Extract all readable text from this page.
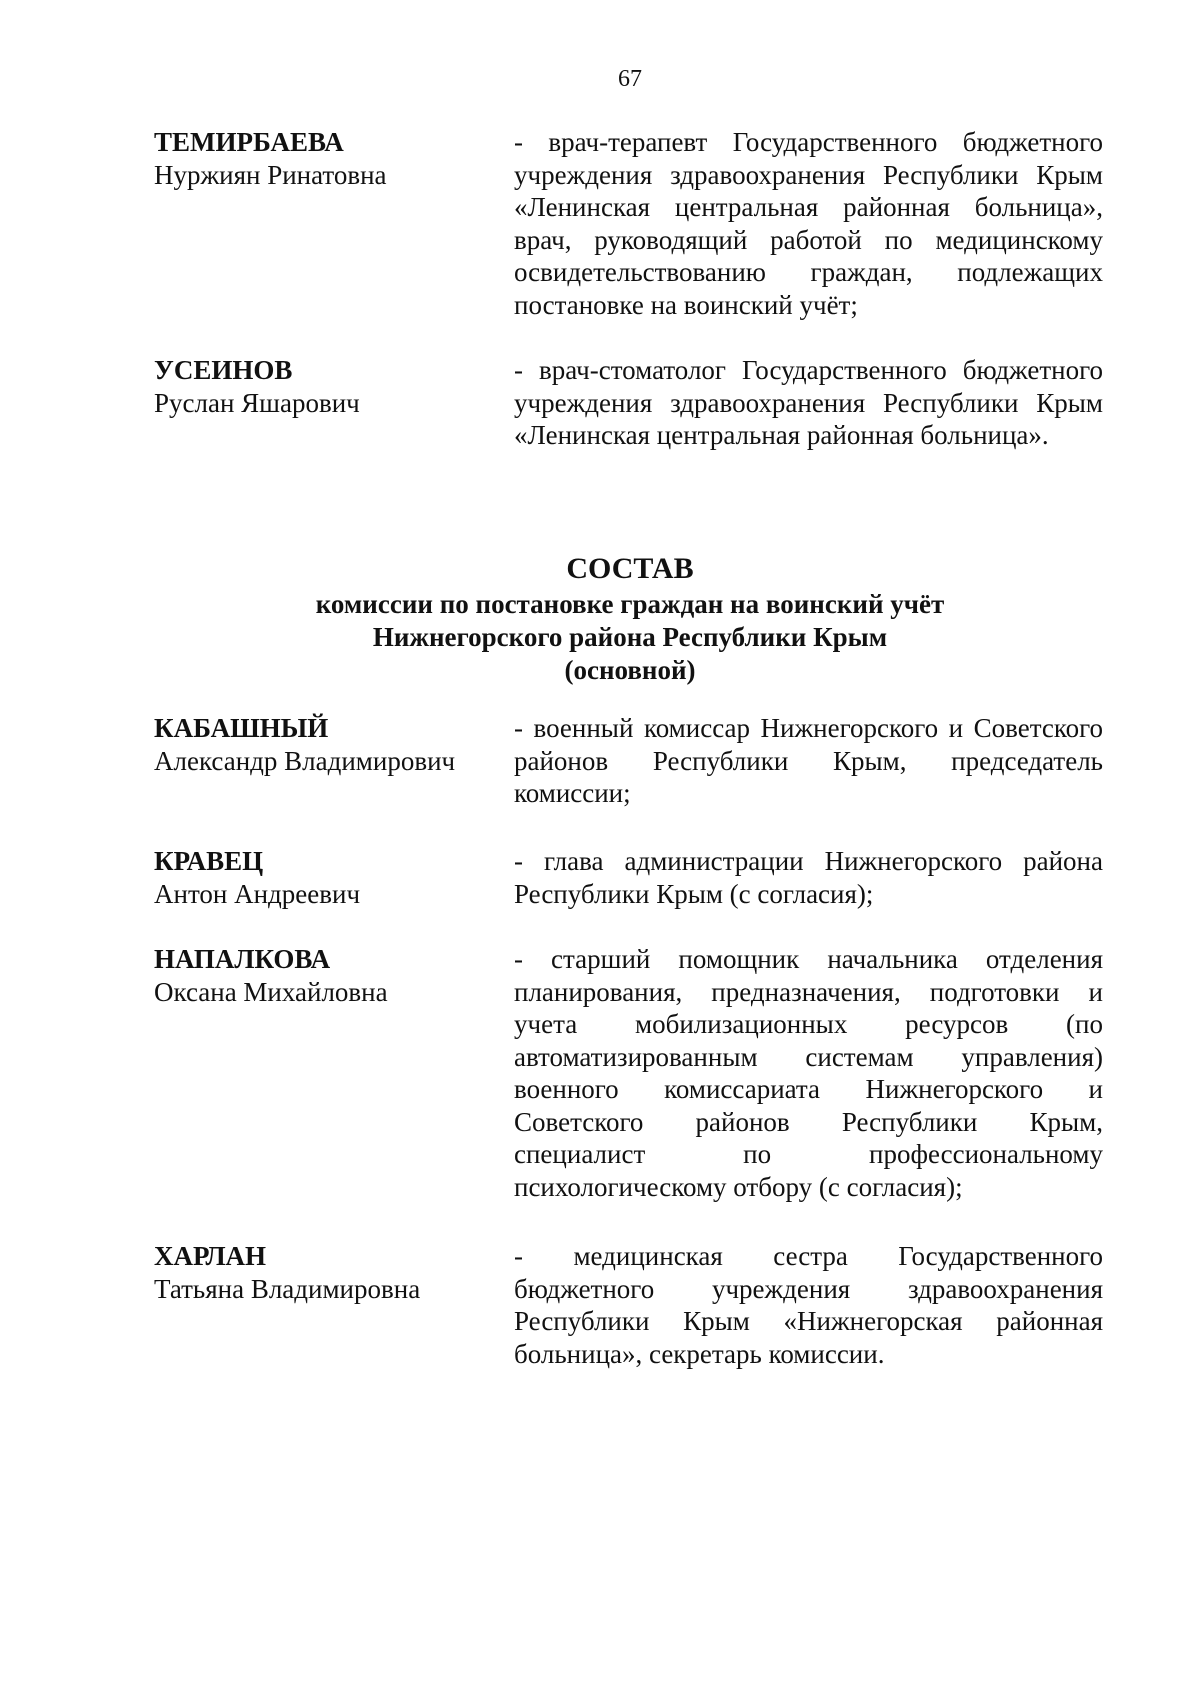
67
ТЕМИРБАЕВА
Нуржиян Ринатовна
- врач-терапевт Государственного бюджетного учреждения здравоохранения Республики Крым «Ленинская центральная районная больница», врач, руководящий работой по медицинскому освидетельствованию граждан, подлежащих постановке на воинский учёт;
УСЕИНОВ
Руслан Яшарович
- врач-стоматолог Государственного бюджетного учреждения здравоохранения Республики Крым «Ленинская центральная районная больница».
СОСТАВ
комиссии по постановке граждан на воинский учёт
Нижнегорского района Республики Крым
(основной)
КАБАШНЫЙ
Александр Владимирович
- военный комиссар Нижнегорского и Советского районов Республики Крым, председатель комиссии;
КРАВЕЦ
Антон Андреевич
- глава администрации Нижнегорского района Республики Крым (с согласия);
НАПАЛКОВА
Оксана Михайловна
- старший помощник начальника отделения планирования, предназначения, подготовки и учета мобилизационных ресурсов (по автоматизированным системам управления) военного комиссариата Нижнегорского и Советского районов Республики Крым, специалист по профессиональному психологическому отбору (с согласия);
ХАРЛАН
Татьяна Владимировна
- медицинская сестра Государственного бюджетного учреждения здравоохранения Республики Крым «Нижнегорская районная больница», секретарь комиссии.
